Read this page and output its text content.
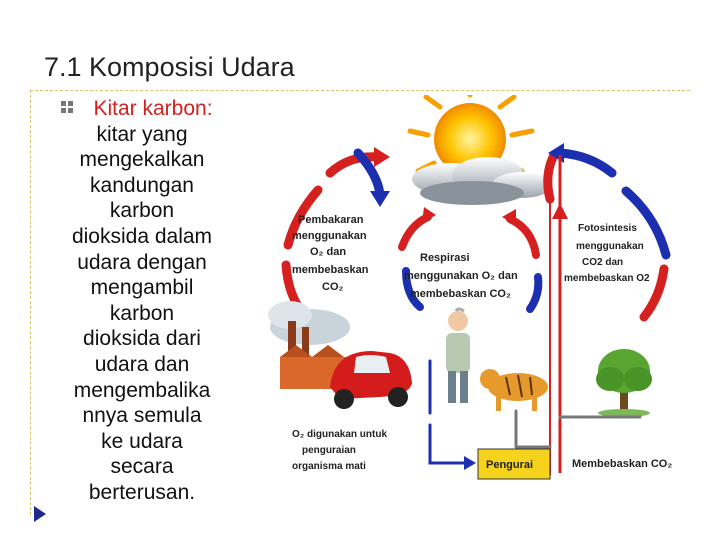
7.1 Komposisi Udara
Kitar karbon:
kitar yang
mengekalkan
kandungan
karbon
dioksida dalam
udara dengan
mengambil
karbon
dioksida dari
udara dan
mengembalika
nnya semula
ke udara
secara
berterusan.
Pembakaran menggunakan O₂ dan membebaskan CO₂
Respirasi menggunakan O₂ dan membebaskan CO₂
Fotosintesis menggunakan CO2 dan membebaskan O2
O₂ digunakan untuk penguraian organisma mati	Pengurai	Membebaskan CO₂
